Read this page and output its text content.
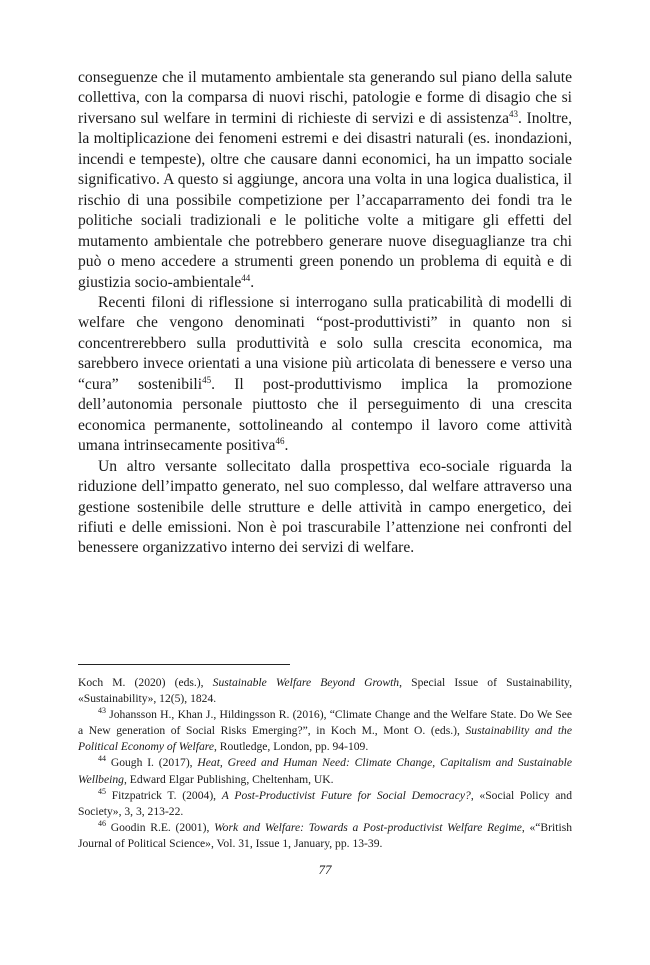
conseguenze che il mutamento ambientale sta generando sul piano della salute collettiva, con la comparsa di nuovi rischi, patologie e forme di disagio che si riversano sul welfare in termini di richieste di servizi e di assistenza$^{43}$. Inoltre, la moltiplicazione dei fenomeni estremi e dei disastri naturali (es. inondazioni, incendi e tempeste), oltre che causare danni economici, ha un impatto sociale significativo. A questo si aggiunge, ancora una volta in una logica dualistica, il rischio di una possibile competizione per l’accaparramento dei fondi tra le politiche sociali tradizionali e le politiche volte a mitigare gli effetti del mutamento ambientale che potrebbero generare nuove diseguaglianze tra chi può o meno accedere a strumenti green ponendo un problema di equità e di giustizia socio-ambientale$^{44}$.

Recenti filoni di riflessione si interrogano sulla praticabilità di modelli di welfare che vengono denominati “post-produttivisti” in quanto non si concentrerebbero sulla produttività e solo sulla crescita economica, ma sarebbero invece orientati a una visione più articolata di benessere e verso una “cura” sostenibili$^{45}$. Il post-produttivismo implica la promozione dell’autonomia personale piuttosto che il perseguimento di una crescita economica permanente, sottolineando al contempo il lavoro come attività umana intrinsecamente positiva$^{46}$.

Un altro versante sollecitato dalla prospettiva eco-sociale riguarda la riduzione dell’impatto generato, nel suo complesso, dal welfare attraverso una gestione sostenibile delle strutture e delle attività in campo energetico, dei rifiuti e delle emissioni. Non è poi trascurabile l’attenzione nei confronti del benessere organizzativo interno dei servizi di welfare.

Koch M. (2020) (eds.), Sustainable Welfare Beyond Growth, Special Issue of Sustainability, «Sustainability», 12(5), 1824.

$^{43}$ Johansson H., Khan J., Hildingsson R. (2016), “Climate Change and the Welfare State. Do We See a New generation of Social Risks Emerging?”, in Koch M., Mont O. (eds.), Sustainability and the Political Economy of Welfare, Routledge, London, pp. 94-109.

$^{44}$ Gough I. (2017), Heat, Greed and Human Need: Climate Change, Capitalism and Sustainable Wellbeing, Edward Elgar Publishing, Cheltenham, UK.

$^{45}$ Fitzpatrick T. (2004), A Post-Productivist Future for Social Democracy?, «Social Policy and Society», 3, 3, 213-22.

$^{46}$ Goodin R.E. (2001), Work and Welfare: Towards a Post-productivist Welfare Regime, «“British Journal of Political Science», Vol. 31, Issue 1, January, pp. 13-39.

77
